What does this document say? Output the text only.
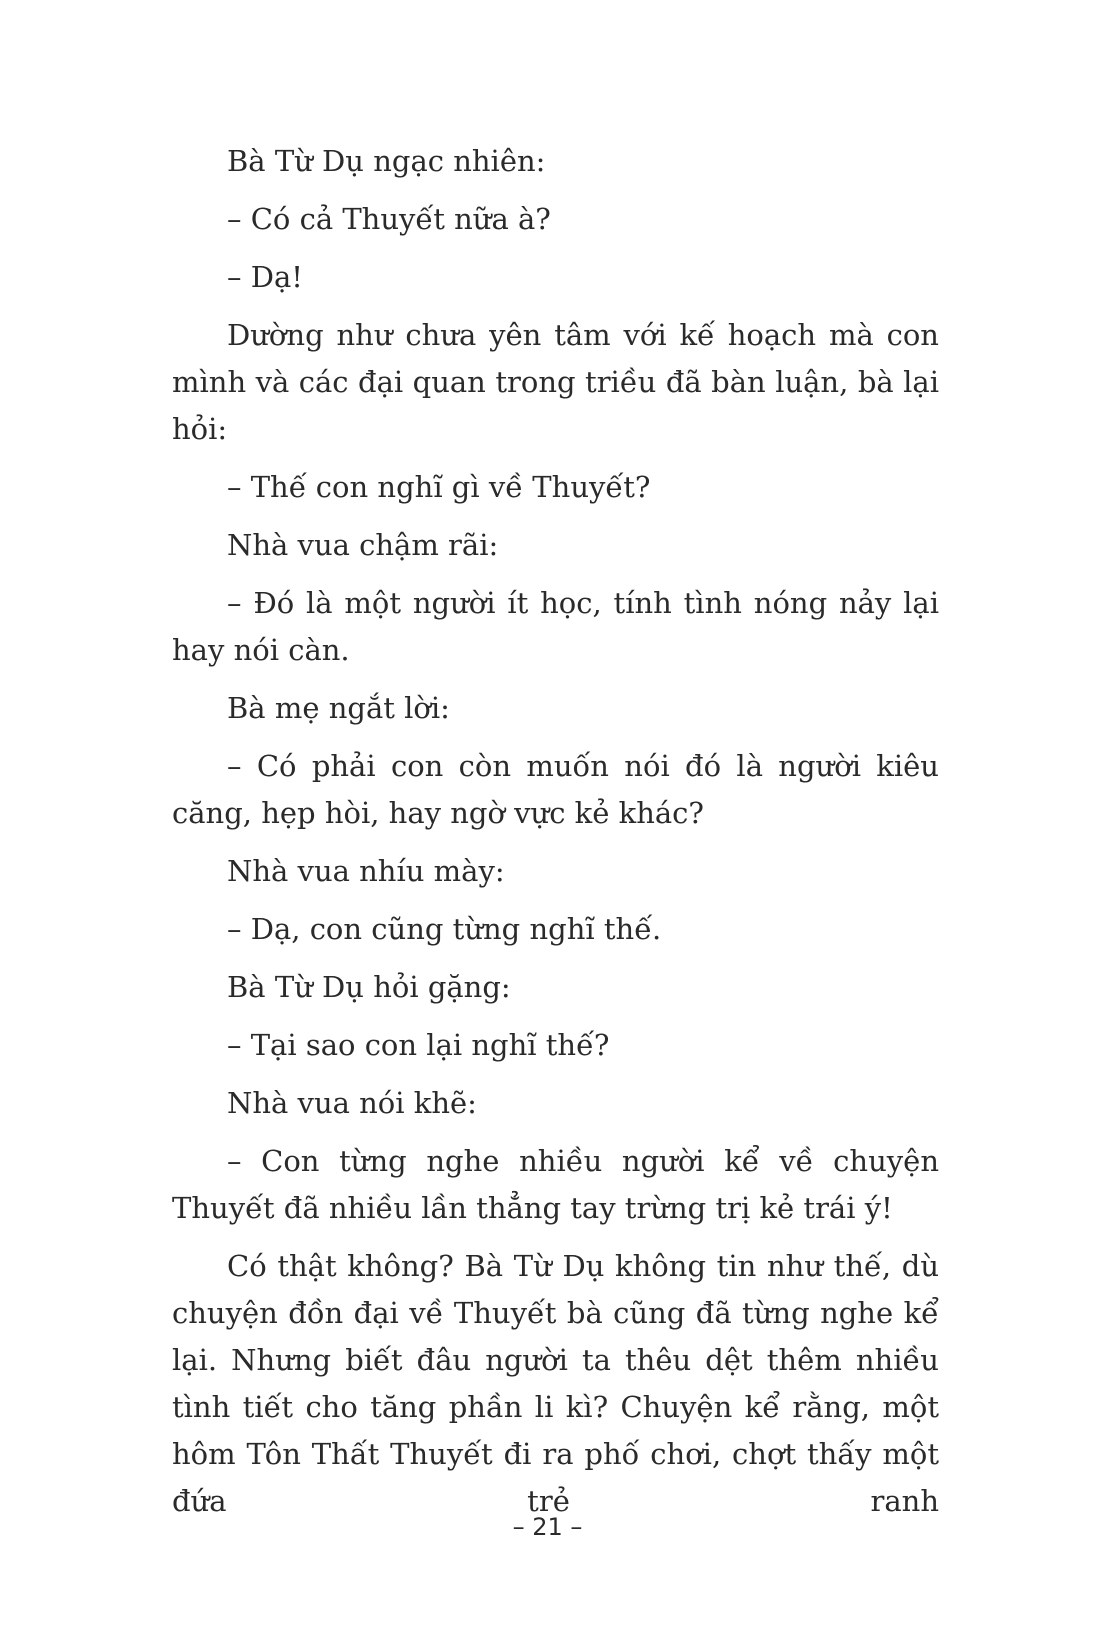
Bà Từ Dụ ngạc nhiên:

– Có cả Thuyết nữa à?

– Dạ!

Dường như chưa yên tâm với kế hoạch mà con mình và các đại quan trong triều đã bàn luận, bà lại hỏi:

– Thế con nghĩ gì về Thuyết?

Nhà vua chậm rãi:

– Đó là một người ít học, tính tình nóng nảy lại hay nói càn.

Bà mẹ ngắt lời:

– Có phải con còn muốn nói đó là người kiêu căng, hẹp hòi, hay ngờ vực kẻ khác?

Nhà vua nhíu mày:

– Dạ, con cũng từng nghĩ thế.

Bà Từ Dụ hỏi gặng:

– Tại sao con lại nghĩ thế?

Nhà vua nói khẽ:

– Con từng nghe nhiều người kể về chuyện Thuyết đã nhiều lần thẳng tay trừng trị kẻ trái ý!

Có thật không? Bà Từ Dụ không tin như thế, dù chuyện đồn đại về Thuyết bà cũng đã từng nghe kể lại. Nhưng biết đâu người ta thêu dệt thêm nhiều tình tiết cho tăng phần li kì? Chuyện kể rằng, một hôm Tôn Thất Thuyết đi ra phố chơi, chợt thấy một đứa trẻ ranh

– 21 –
